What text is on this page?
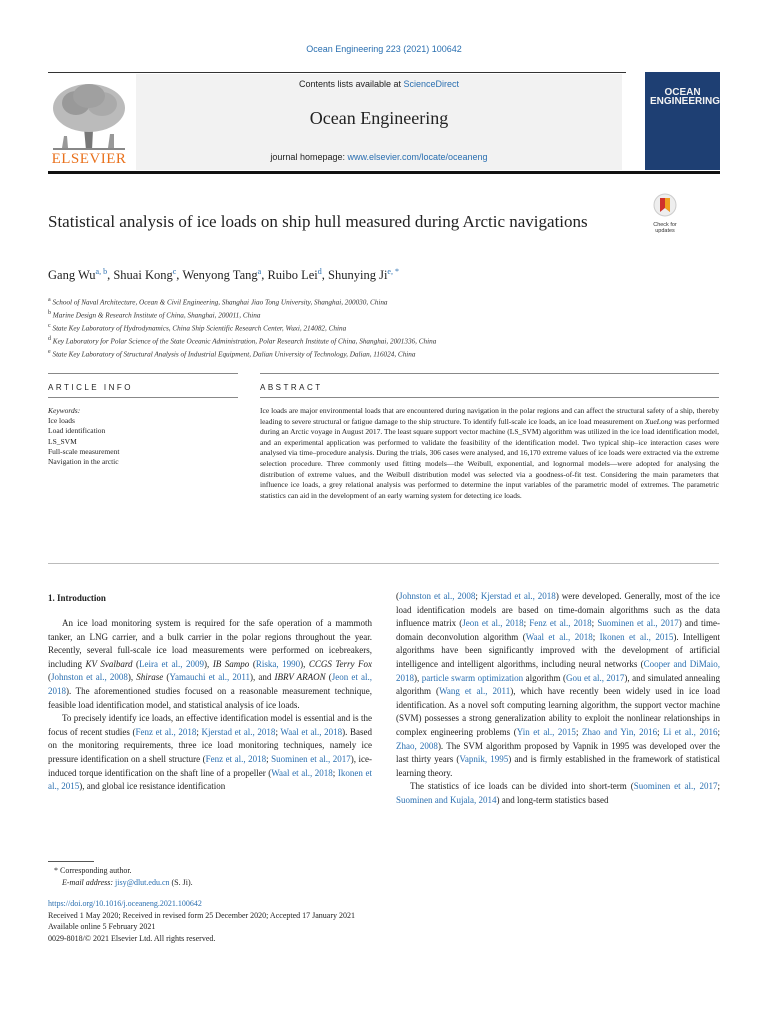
Ocean Engineering 223 (2021) 100642
ELSEVIER
Contents lists available at ScienceDirect
Ocean Engineering
journal homepage: www.elsevier.com/locate/oceaneng
OCEAN ENGINEERING
Check for updates
Statistical analysis of ice loads on ship hull measured during Arctic navigations
Gang Wu$^{a, b}$, Shuai Kong$^c$, Wenyong Tang$^a$, Ruibo Lei$^d$, Shunying $Ji^{e, *}$
$^a$ School of Naval Architecture, Ocean & Civil Engineering, Shanghai Jiao Tong University, Shanghai, 200030, China
$^b$ Marine Design & Research Institute of China, Shanghai, 200011, China
$^c$ State Key Laboratory of Hydrodynamics, China Ship Scientific Research Center, Wuxi, 214082, China
$^d$ Key Laboratory for Polar Science of the State Oceanic Administration, Polar Research Institute of China, Shanghai, 2001336, China
$^e$ State Key Laboratory of Structural Analysis of Industrial Equipment, Dalian University of Technology, Dalian, 116024, China
ARTICLE INFO	ABSTRACT
Keywords:
Ice loads
Load identification
LS_SVM
Full-scale measurement
Navigation in the arctic
Ice loads are major environmental loads that are encountered during navigation in the polar regions and can affect the structural safety of a ship, thereby leading to severe structural or fatigue damage to the ship structure. To identify full-scale ice loads, an ice load measurement on XueLong was performed during an Arctic voyage in August 2017. The least square support vector machine (LS_SVM) algorithm was utilized in the ice load identification model, and an experimental application was performed to validate the feasibility of the identification model. Two typical ship–ice interaction cases were analysed via time–procedure analysis. During the trials, 306 cases were analysed, and 16,170 extreme values of ice loads were extracted via the extreme selection procedure. Three commonly used fitting models—the Weibull, exponential, and lognormal models—were adopted for analysing the distribution of extreme values, and the Weibull distribution model was selected via a goodness-of-fit test. Considering the main parameters that influence ice loads, a grey relational analysis was performed to determine the input variables of the parametric model of extremes. The parametric statistics can aid in the development of an early warning system for detecting ice loads.
1. Introduction

An ice load monitoring system is required for the safe operation of a mammoth tanker, an LNG carrier, and a bulk carrier in the polar regions throughout the year. Recently, several full-scale ice load measurements were performed on icebreakers, including KV Svalbard (Leira et al., 2009), IB Sampo (Riska, 1990), CCGS Terry Fox (Johnston et al., 2008), Shirase (Yamauchi et al., 2011), and IBRV ARAON (Jeon et al., 2018). The aforementioned studies focused on a reasonable measurement technique, feasible load identification model, and statistical analysis of ice loads.

To precisely identify ice loads, an effective identification model is essential and is the focus of recent studies (Fenz et al., 2018; Kjerstad et al., 2018; Waal et al., 2018). Based on the monitoring requirements, three ice load monitoring techniques, namely ice pressure identification on a shell structure (Fenz et al., 2018; Suominen et al., 2017), ice-induced torque identification on the shaft line of a propeller (Waal et al., 2018; Ikonen et al., 2015), and global ice resistance identification

(Johnston et al., 2008; Kjerstad et al., 2018) were developed. Generally, most of the ice load identification models are based on time-domain algorithms such as the data influence matrix (Jeon et al., 2018; Fenz et al., 2018; Suominen et al., 2017) and time-domain deconvolution algorithm (Waal et al., 2018; Ikonen et al., 2015). Intelligent algorithms have been significantly improved with the development of artificial intelligence and intelligent algorithms, including neural networks (Cooper and DiMaio, 2018), particle swarm optimization algorithm (Gou et al., 2017), and simulated annealing algorithm (Wang et al., 2011), which have recently been widely used in ice load identification. As a novel soft computing learning algorithm, the support vector machine (SVM) possesses a strong generalization ability to exploit the nonlinear relationships in complex engineering problems (Yin et al., 2015; Zhao and Yin, 2016; Li et al., 2016; Zhao, 2008). The SVM algorithm proposed by Vapnik in 1995 was developed over the last thirty years (Vapnik, 1995) and is firmly established in the framework of statistical learning theory.

The statistics of ice loads can be divided into short-term (Suominen et al., 2017; Suominen and Kujala, 2014) and long-term statistics based

* Corresponding author.
E-mail address: jisy@dlut.edu.cn (S. Ji).
https://doi.org/10.1016/j.oceaneng.2021.100642
Received 1 May 2020; Received in revised form 25 December 2020; Accepted 17 January 2021
Available online 5 February 2021
0029-8018/© 2021 Elsevier Ltd. All rights reserved.
